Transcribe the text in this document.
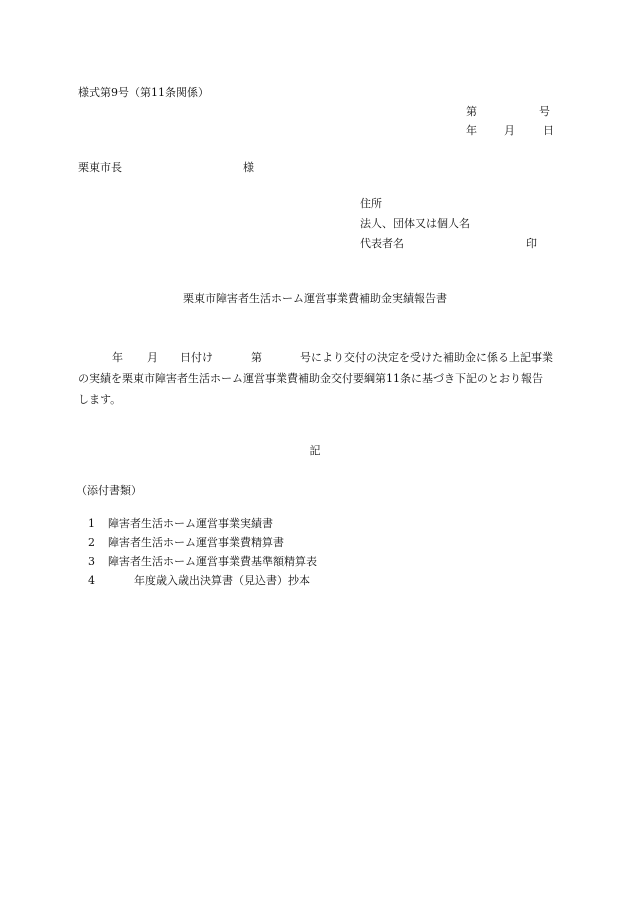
様式第9号（第11条関係）
第	号
年 月	日
栗東市長	様
住所
法人、団体又は個人名
代表者名	印
栗東市障害者生活ホーム運営事業費補助金実績報告書
年 月 日付け	第	号により交付の決定を受けた補助金に係る上記事業の実績を栗東市障害者生活ホーム運営事業費補助金交付要綱第11条に基づき下記のとおり報告します。
記
（添付書類）
1 障害者生活ホーム運営事業実績書
2 障害者生活ホーム運営事業費精算書
3 障害者生活ホーム運営事業費基準額精算表
4	年度歳入歳出決算書（見込書）抄本
